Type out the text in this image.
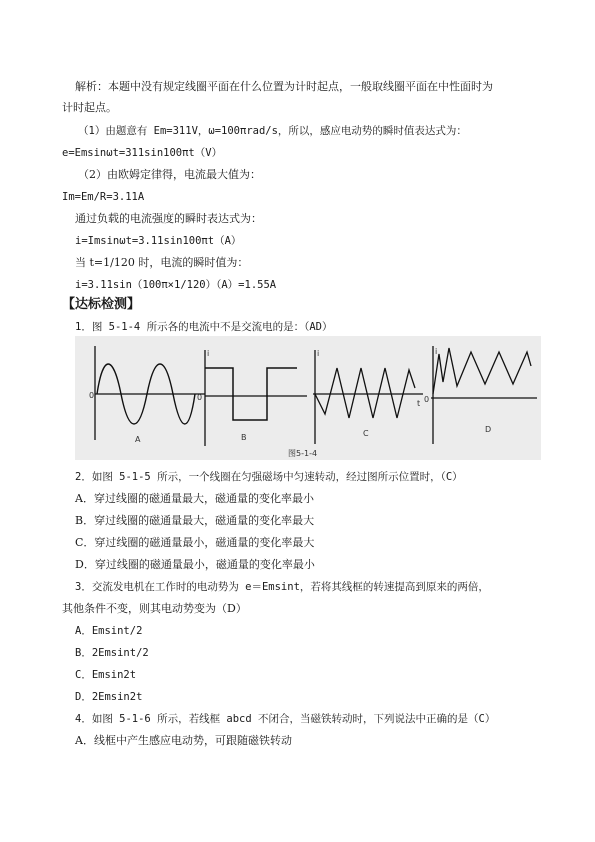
解析：本题中没有规定线圈平面在什么位置为计时起点，一般取线圈平面在中性面时为
计时起点。
（1）由题意有 Em=311V，ω=100πrad/s，所以，感应电动势的瞬时值表达式为：
e=Emsinωt=311sin100πt（V）
（2）由欧姆定律得，电流最大值为：
Im=Em/R=3.11A
通过负载的电流强度的瞬时表达式为：
i=Imsinωt=3.11sin100πt（A）
当 t=1/120 时，电流的瞬时值为：
i=3.11sin（100π×1/120）（A）=1.55A
【达标检测】
1．图 5-1-4 所示各的电流中不是交流电的是：（AD）
0
A
i
0
B
i
t
C
i
0
D
图5-1-4
2．如图 5-1-5 所示，一个线圈在匀强磁场中匀速转动，经过图所示位置时，（C）
A．穿过线圈的磁通量最大，磁通量的变化率最小
B．穿过线圈的磁通量最大，磁通量的变化率最大
C．穿过线圈的磁通量最小，磁通量的变化率最大
D．穿过线圈的磁通量最小，磁通量的变化率最小
3．交流发电机在工作时的电动势为 e＝Emsint，若将其线框的转速提高到原来的两倍，
其他条件不变，则其电动势变为（D）
A．Emsint/2
B．2Emsint/2
C．Emsin2t
D．2Emsin2t
4．如图 5-1-6 所示，若线框 abcd 不闭合，当磁铁转动时，下列说法中正确的是（C）
A．线框中产生感应电动势，可跟随磁铁转动
